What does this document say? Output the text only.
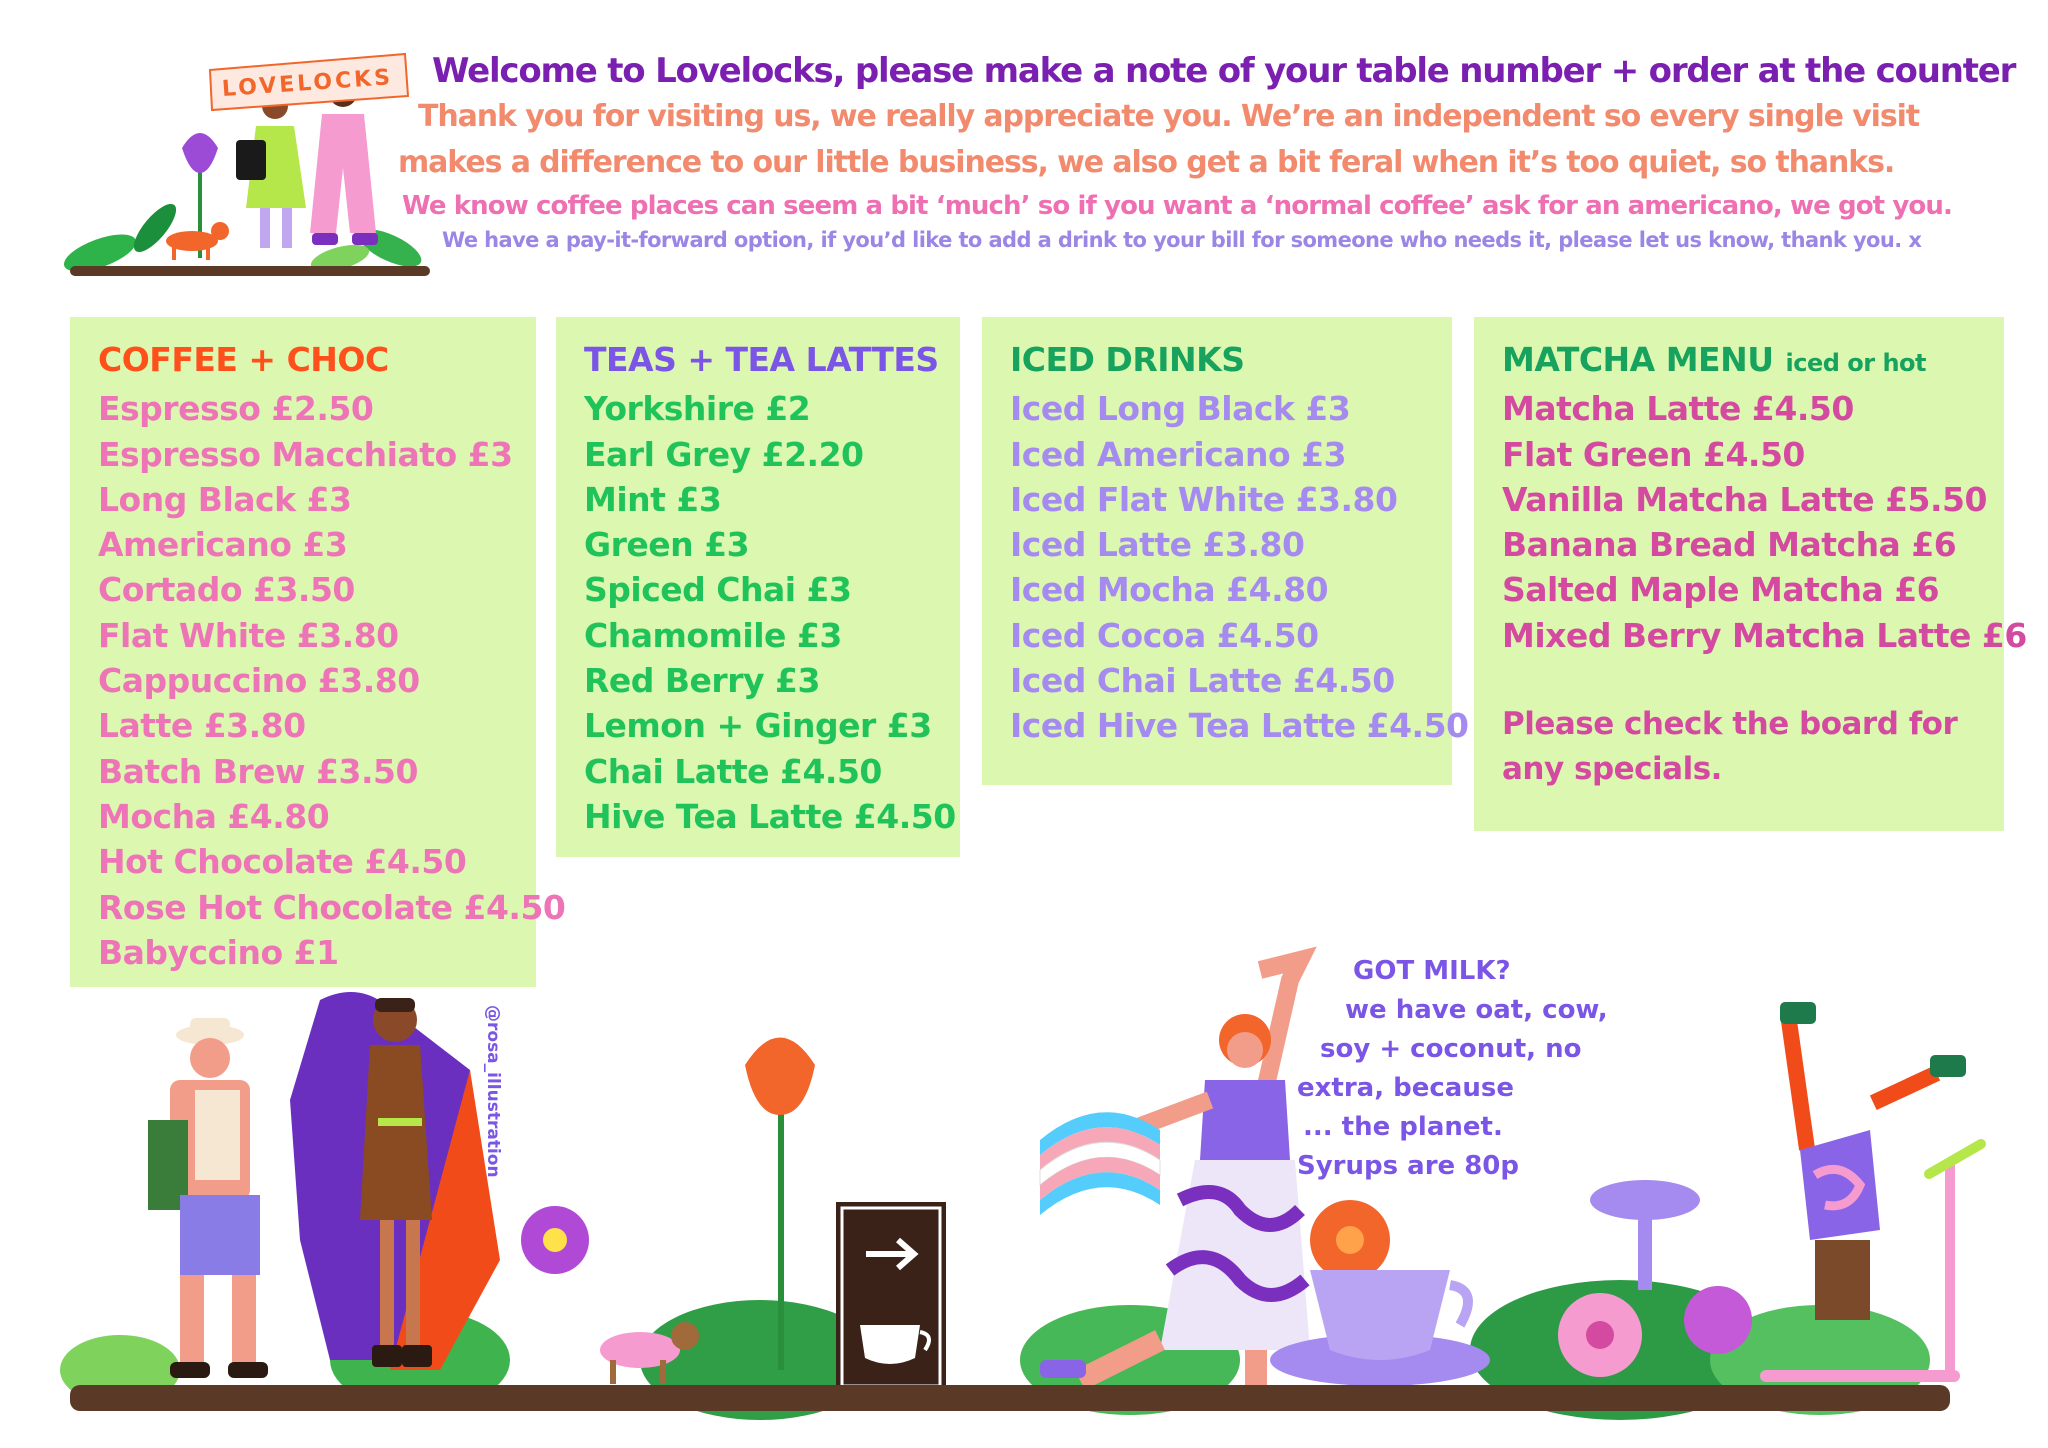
LOVELOCKS Welcome to Lovelocks, please make a note of your table number + order at the counter
Thank you for visiting us, we really appreciate you. We’re an independent so every single visit
makes a difference to our little business, we also get a bit feral when it’s too quiet, so thanks.
We know coffee places can seem a bit ‘much’ so if you want a ‘normal coffee’ ask for an americano, we got you.
We have a pay-it-forward option, if you’d like to add a drink to your bill for someone who needs it, please let us know, thank you. x
COFFEE + CHOC
Espresso £2.50
Espresso Macchiato £3
Long Black £3
Americano £3
Cortado £3.50
Flat White £3.80
Cappuccino £3.80
Latte £3.80
Batch Brew £3.50
Mocha £4.80
Hot Chocolate £4.50
Rose Hot Chocolate £4.50
Babyccino £1
TEAS + TEA LATTES
Yorkshire £2
Earl Grey £2.20
Mint £3
Green £3
Spiced Chai £3
Chamomile £3
Red Berry £3
Lemon + Ginger £3
Chai Latte £4.50
Hive Tea Latte £4.50
ICED DRINKS
Iced Long Black £3
Iced Americano £3
Iced Flat White £3.80
Iced Latte £3.80
Iced Mocha £4.80
Iced Cocoa £4.50
Iced Chai Latte £4.50
Iced Hive Tea Latte £4.50
MATCHA MENU iced or hot
Matcha Latte £4.50
Flat Green £4.50
Vanilla Matcha Latte £5.50
Banana Bread Matcha £6
Salted Maple Matcha £6
Mixed Berry Matcha Latte £6
Please check the board for
any specials.
GOT MILK?
we have oat, cow,
soy + coconut, no
extra, because
... the planet.
Syrups are 80p
@rosa_illustration_
